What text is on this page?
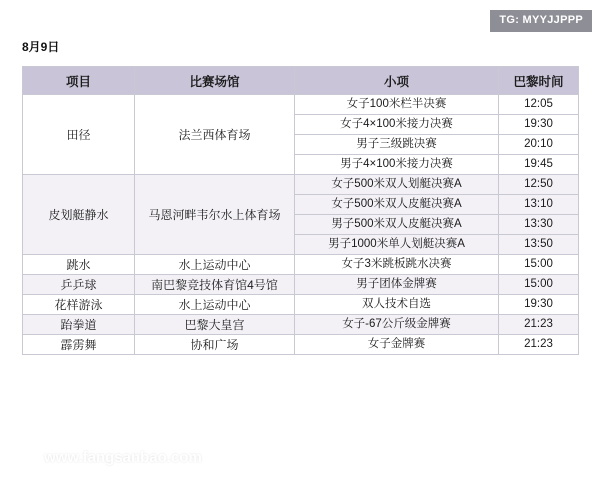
TG: MYYJJPPP
8月9日
项目	比赛场馆	小项	巴黎时间
田径	法兰西体育场	女子100米栏半决赛	12:05
		女子4×100米接力决赛	19:30
		男子三级跳决赛	20:10
		男子4×100米接力决赛	19:45
皮划艇静水	马恩河畔韦尔水上体育场	女子500米双人划艇决赛A	12:50
		女子500米双人皮艇决赛A	13:10
		男子500米双人皮艇决赛A	13:30
		男子1000米单人划艇决赛A	13:50
跳水	水上运动中心	女子3米跳板跳水决赛	15:00
乒乒球	南巴黎竞技体育馆4号馆	男子团体金牌赛	15:00
花样游泳	水上运动中心	双人技术自选	19:30
跆拳道	巴黎大皇宫	女子-67公斤级金牌赛	21:23
霹雳舞	协和广场	女子金牌赛	21:23
www.fangsanbao.com
